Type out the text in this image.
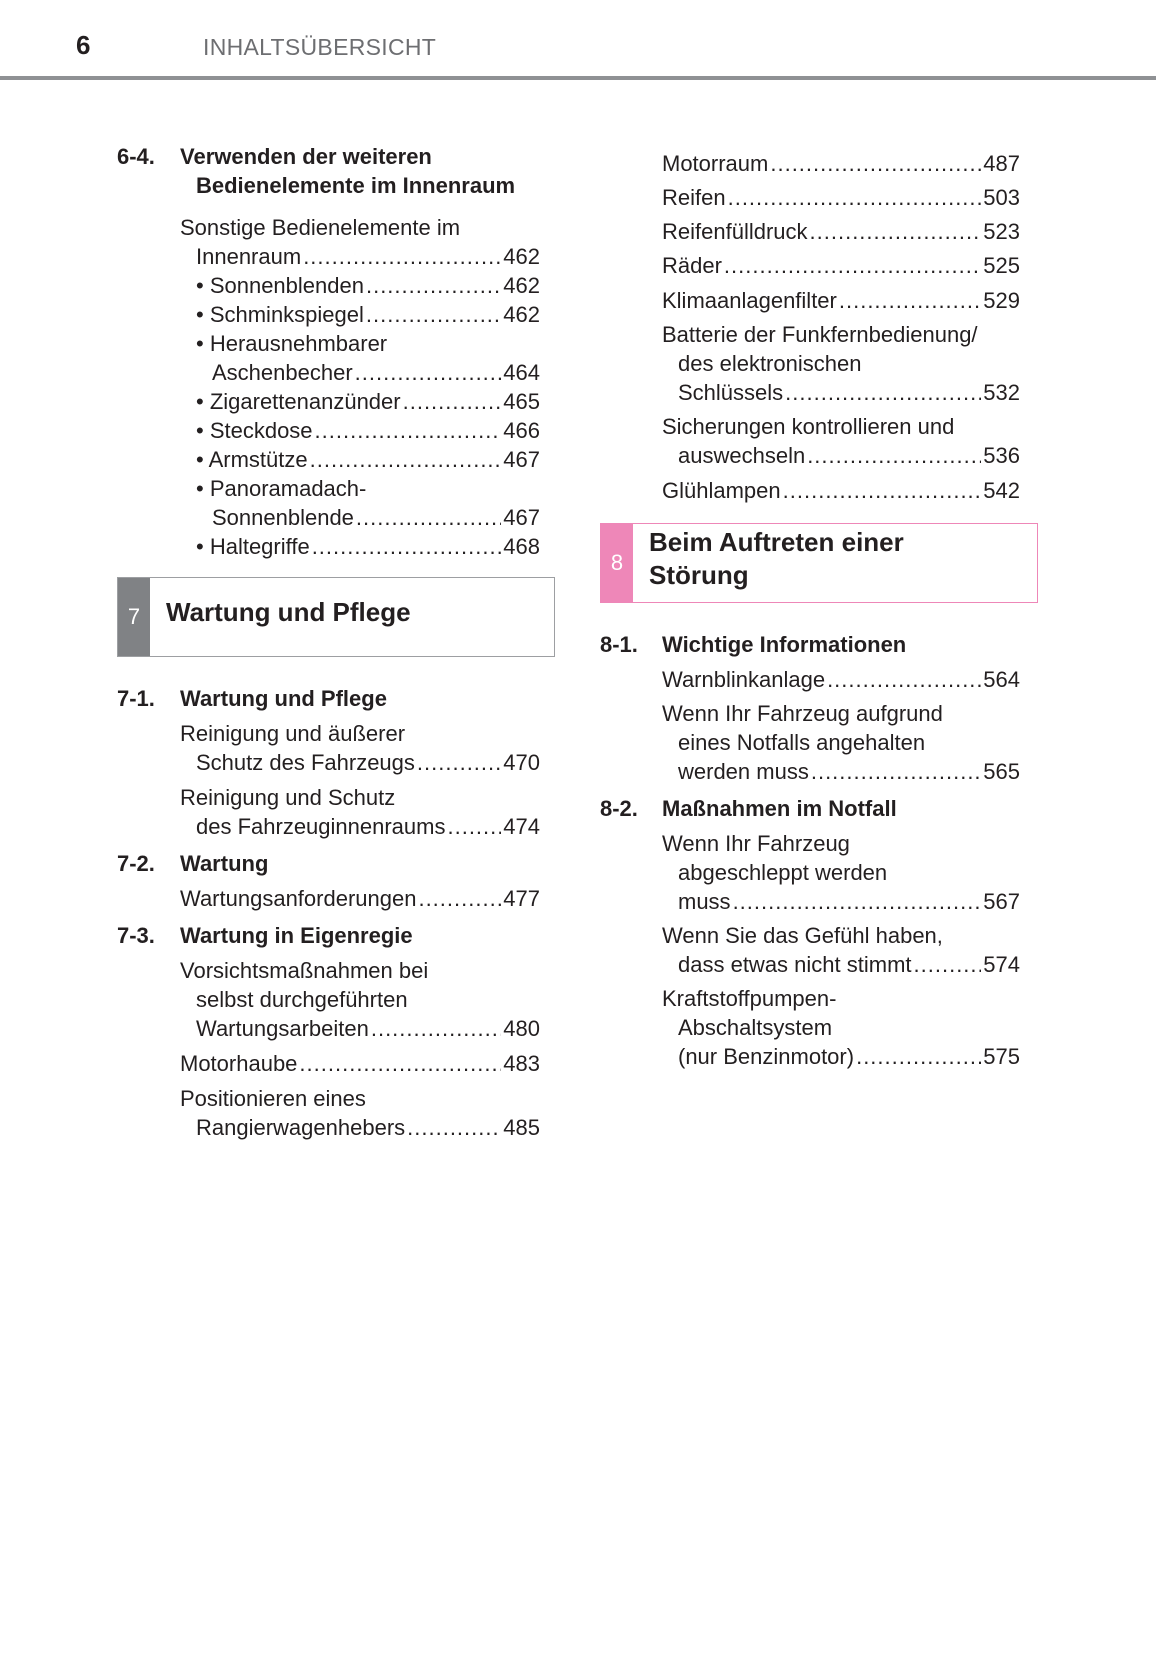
6	INHALTSÜBERSICHT
6-4. Verwenden der weiteren
Bedienelemente im Innenraum
Sonstige Bedienelemente im
Innenraum .....	462
• Sonnenblenden .....	462
• Schminkspiegel .....	462
• Herausnehmbarer
Aschenbecher .....	464
• Zigarettenanzünder .....	465
• Steckdose .....	466
• Armstütze .....	467
• Panoramadach-
Sonnenblende .....	467
• Haltegriffe .....	468
7 Wartung und Pflege
7-1. Wartung und Pflege
Reinigung und äußerer
Schutz des Fahrzeugs .....	470
Reinigung und Schutz
des Fahrzeuginnenraums .....	474
7-2. Wartung
Wartungsanforderungen .....	477
7-3. Wartung in Eigenregie
Vorsichtsmaßnahmen bei
selbst durchgeführten
Wartungsarbeiten .....	480
Motorhaube .....	483
Positionieren eines
Rangierwagenhebers .....	485
Motorraum .....	487
Reifen .....	503
Reifenfülldruck .....	523
Räder .....	525
Klimaanlagenfilter .....	529
Batterie der Funkfernbedienung/
des elektronischen
Schlüssels .....	532
Sicherungen kontrollieren und
auswechseln .....	536
Glühlampen .....	542
8
Beim Auftreten einer
Störung
8-1. Wichtige Informationen
Warnblinkanlage .....	564
Wenn Ihr Fahrzeug aufgrund
eines Notfalls angehalten
werden muss .....	565
8-2. Maßnahmen im Notfall
Wenn Ihr Fahrzeug
abgeschleppt werden
muss .....	567
Wenn Sie das Gefühl haben,
dass etwas nicht stimmt .....	574
Kraftstoffpumpen-
Abschaltsystem
(nur Benzinmotor) .....	575
